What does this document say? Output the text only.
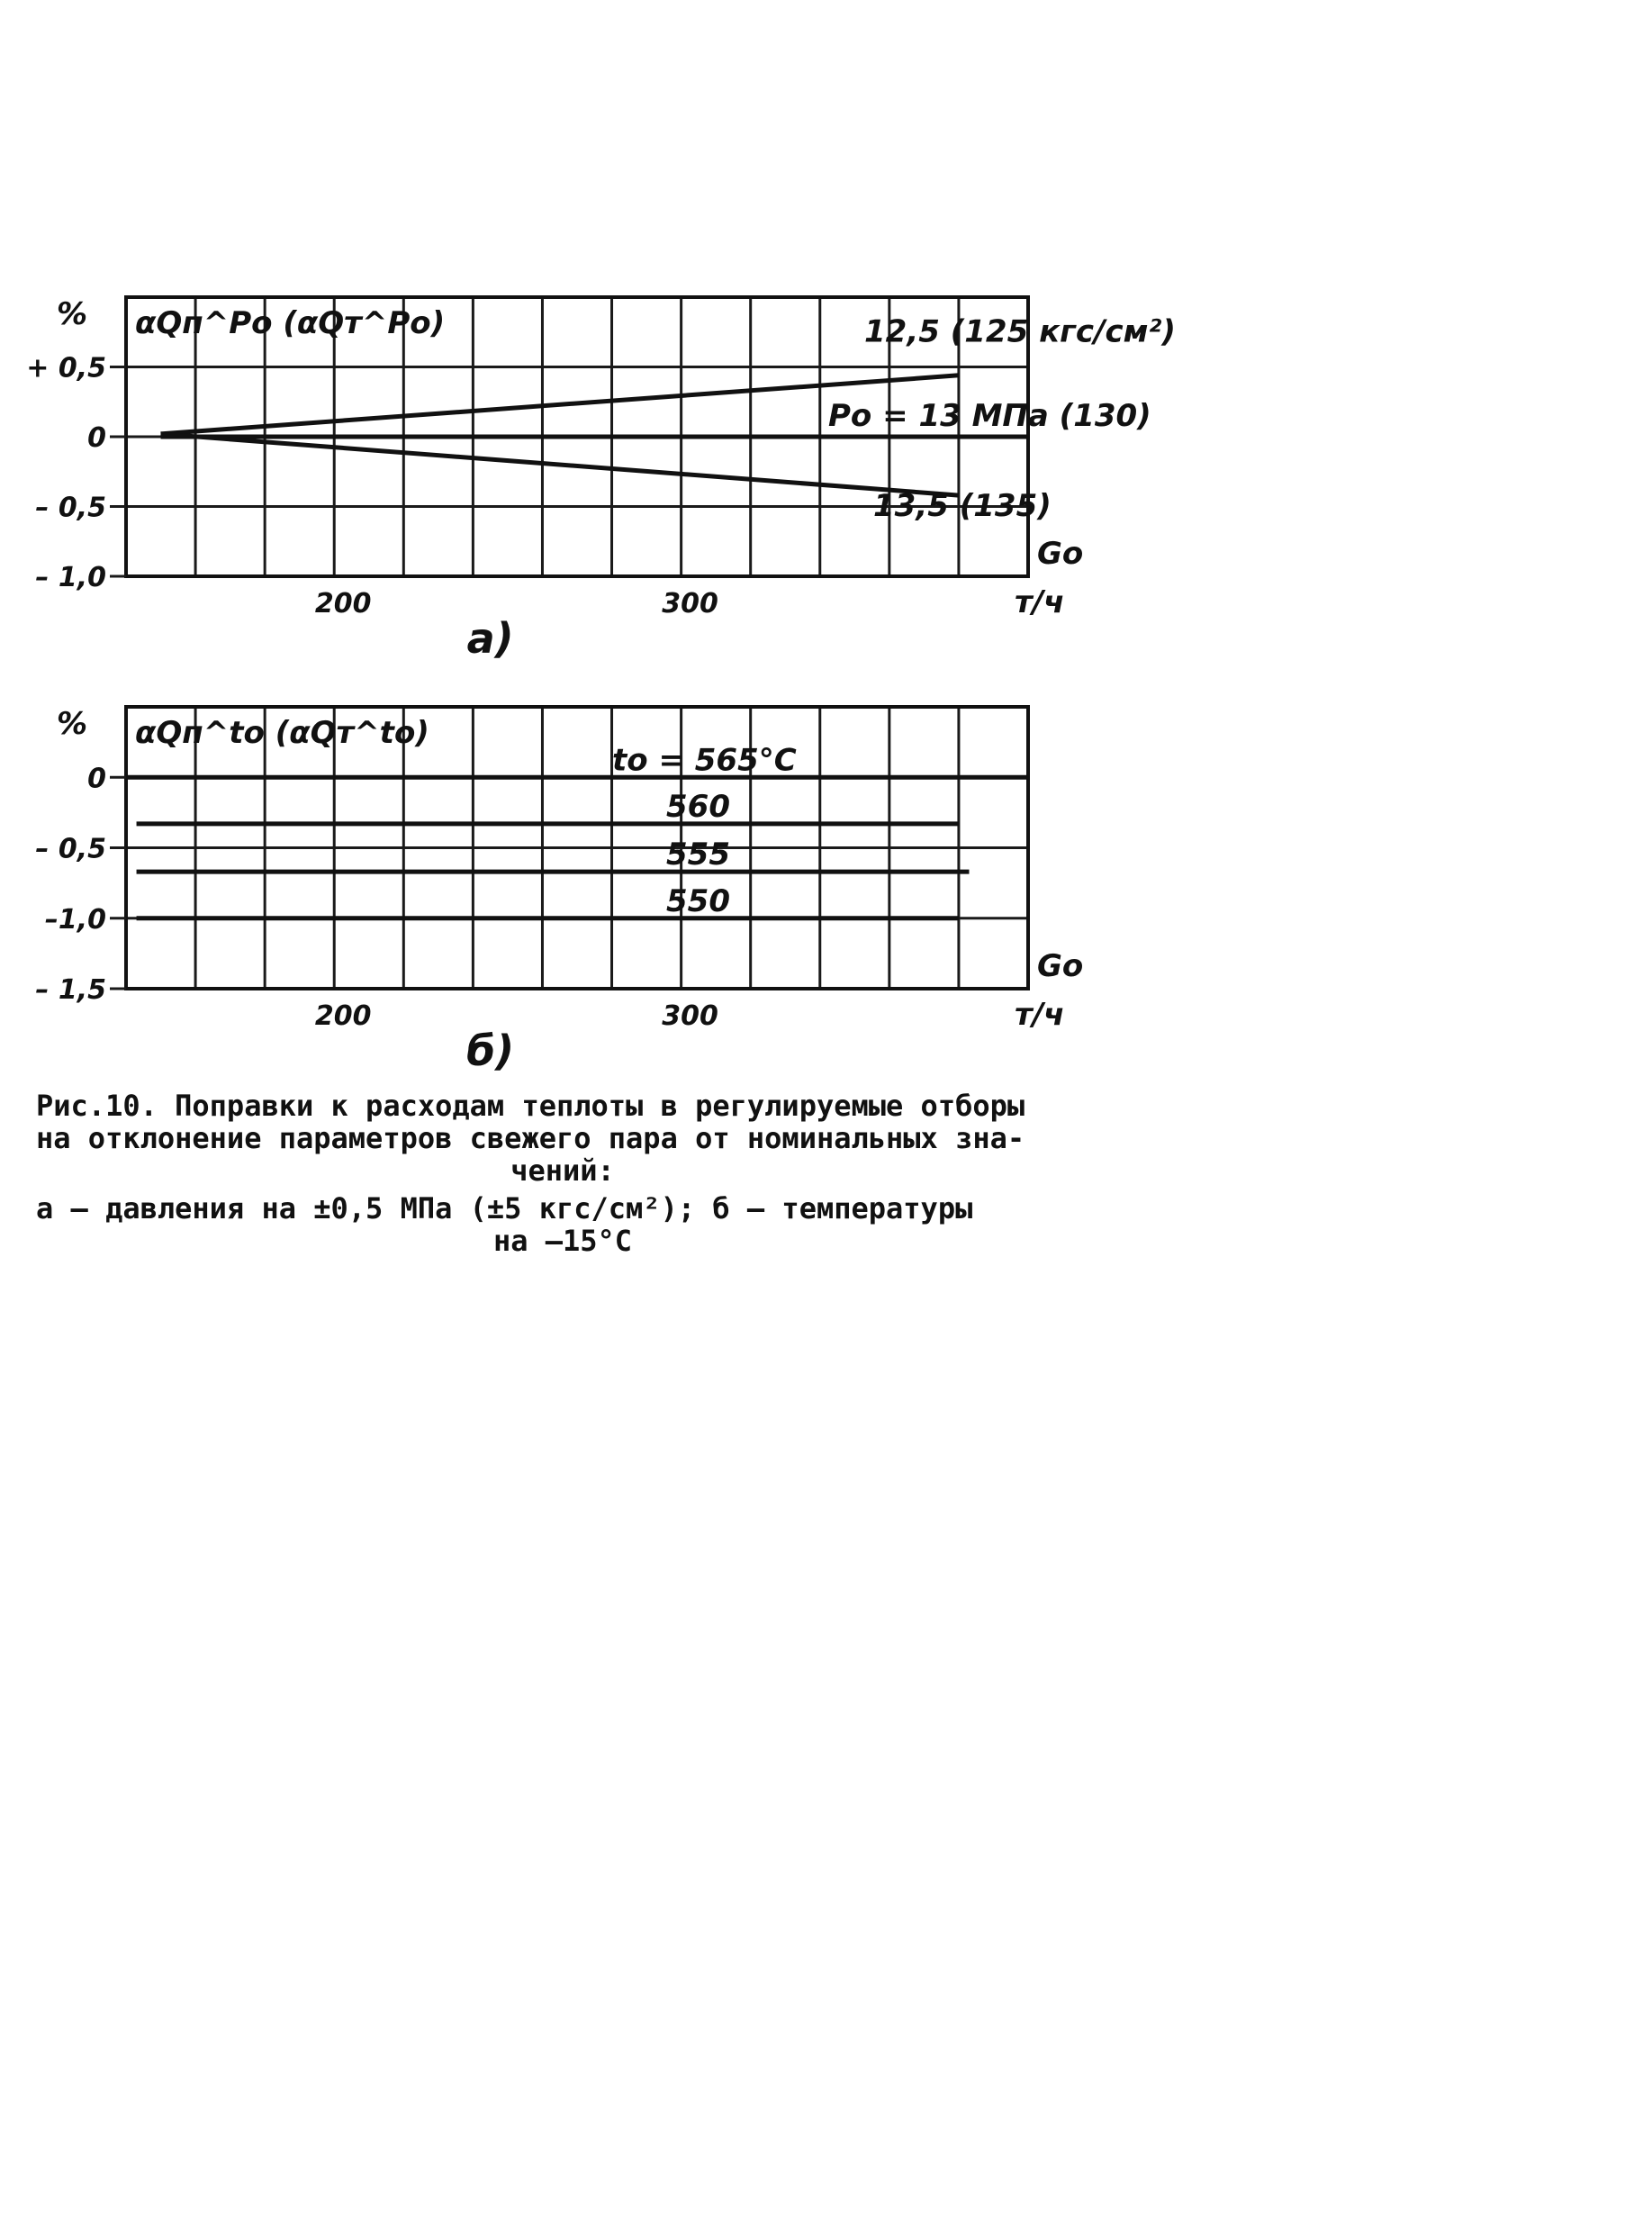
+ 0,5
0
– 0,5
– 1,0
200	300
% αQп^Pо (αQт^Pо)
Gо
т/ч
а)
12,5 (125 кгс/см²)
Pо = 13 МПа (130)
13,5 (135)
0
– 0,5
–1,0
– 1,5
200	300
% αQп^tо (αQт^tо)
Gо
т/ч
б)
tо = 565°С
560
555
550
Рис.10. Поправки к расходам теплоты в регулируемые отборы
на отклонение параметров свежего пара от номинальных зна-
чений:
а – давления на ±0,5 МПа (±5 кгс/см²); б – температуры
на –15°С
